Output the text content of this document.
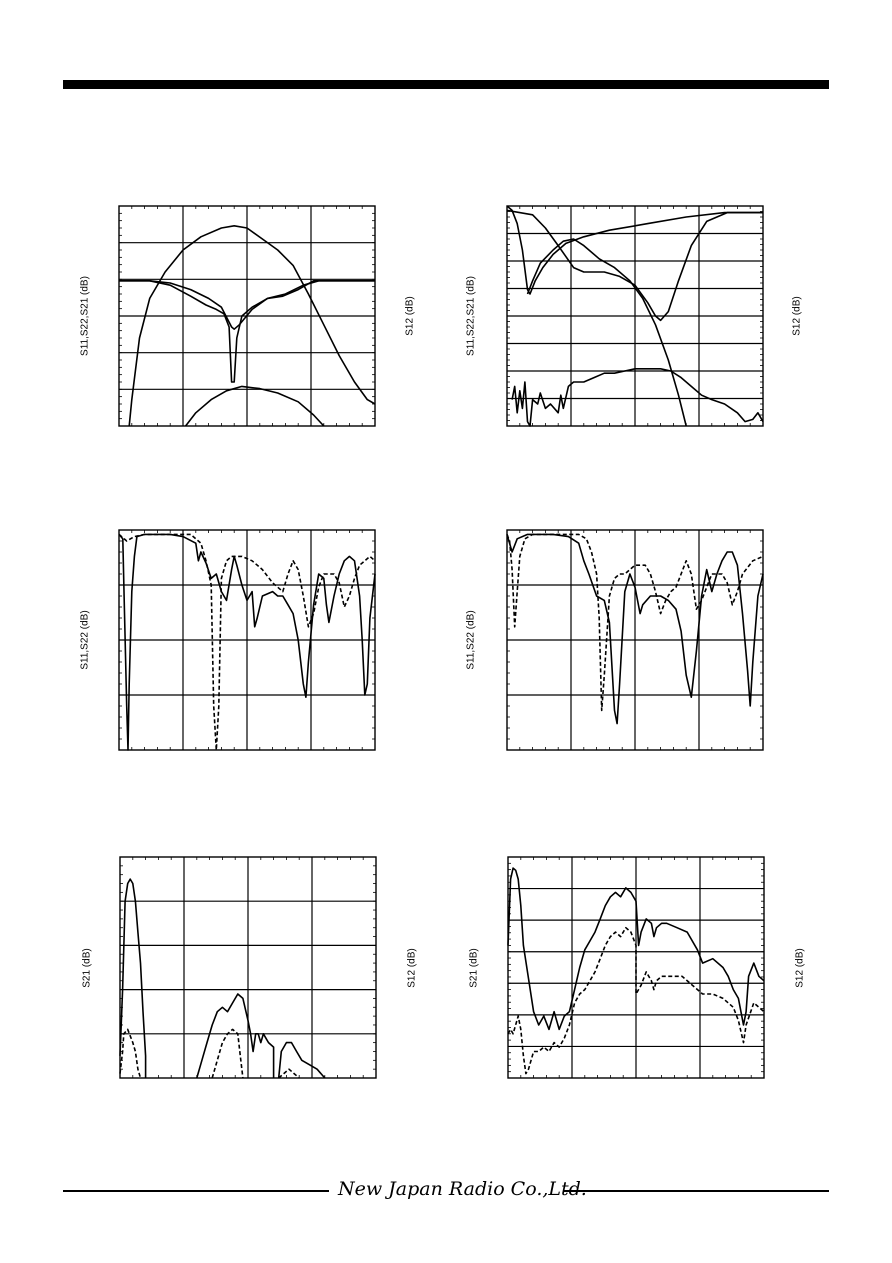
S11,S22,S21 (dB)	S12 (dB)	S11,S22,S21 (dB)	S12 (dB)
S11,S22 (dB)	S11,S22 (dB)
S21 (dB)	S12 (dB)	S21 (dB)	S12 (dB)
New Japan Radio Co.,Ltd.
